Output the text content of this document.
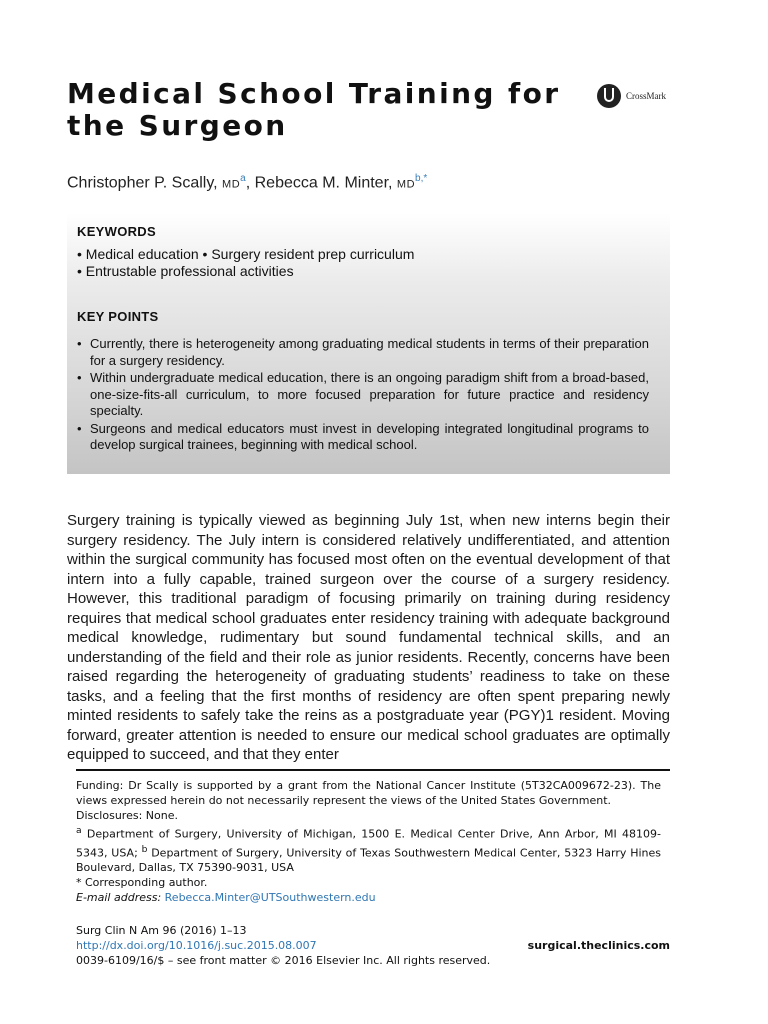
Medical School Training for
the Surgeon
CrossMark
Christopher P. Scally, $MD^a$, Rebecca M. Minter, $MD^{b,*}$
KEYWORDS
• Medical education • Surgery resident prep curriculum
• Entrustable professional activities
KEY POINTS
• Currently, there is heterogeneity among graduating medical students in terms of their preparation for a surgery residency.
• Within undergraduate medical education, there is an ongoing paradigm shift from a broad-based, one-size-fits-all curriculum, to more focused preparation for future practice and residency specialty.
• Surgeons and medical educators must invest in developing integrated longitudinal programs to develop surgical trainees, beginning with medical school.

Surgery training is typically viewed as beginning July 1st, when new interns begin their surgery residency. The July intern is considered relatively undifferentiated, and attention within the surgical community has focused most often on the eventual development of that intern into a fully capable, trained surgeon over the course of a surgery residency. However, this traditional paradigm of focusing primarily on training during residency requires that medical school graduates enter residency training with adequate background medical knowledge, rudimentary but sound fundamental technical skills, and an understanding of the field and their role as junior residents. Recently, concerns have been raised regarding the heterogeneity of graduating students’ readiness to take on these tasks, and a feeling that the first months of residency are often spent preparing newly minted residents to safely take the reins as a postgraduate year (PGY)1 resident. Moving forward, greater attention is needed to ensure our medical school graduates are optimally equipped to succeed, and that they enter

Funding: Dr Scally is supported by a grant from the National Cancer Institute (5T32CA009672-23). The views expressed herein do not necessarily represent the views of the United States Government.

Disclosures: None.

$^a$ Department of Surgery, University of Michigan, 1500 E. Medical Center Drive, Ann Arbor, MI 48109-5343, USA; $^b$ Department of Surgery, University of Texas Southwestern Medical Center, 5323 Harry Hines Boulevard, Dallas, TX 75390-9031, USA

* Corresponding author.

E-mail address: Rebecca.Minter@UTSouthwestern.edu

Surg Clin N Am 96 (2016) 1–13
http://dx.doi.org/10.1016/j.suc.2015.08.007	surgical.theclinics.com
0039-6109/16/$ – see front matter © 2016 Elsevier Inc. All rights reserved.
